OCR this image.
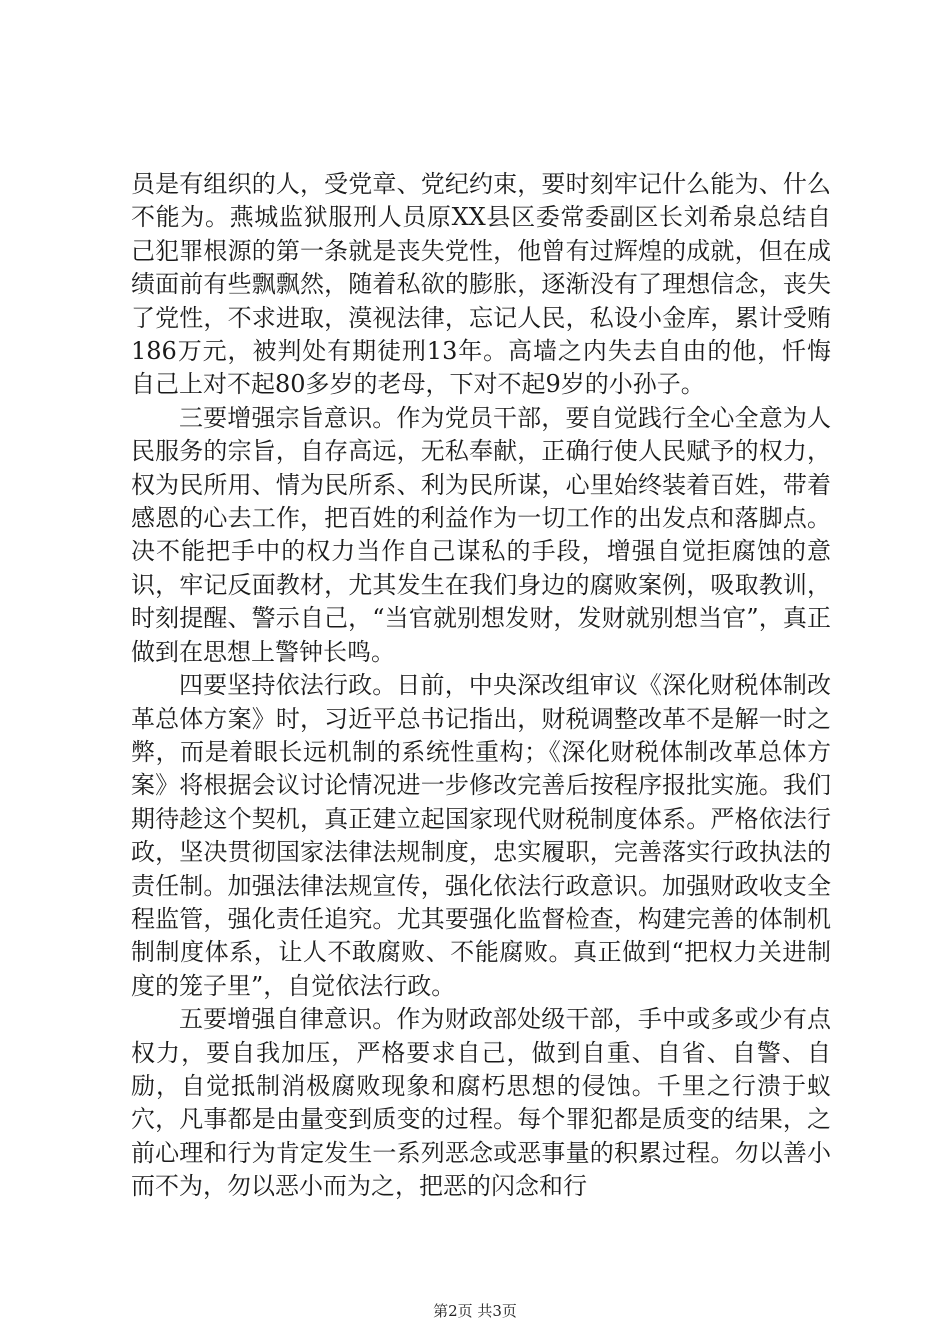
员是有组织的人，受党章、党纪约束，要时刻牢记什么能为、什么不能为。燕城监狱服刑人员原XX县区委常委副区长刘希泉总结自己犯罪根源的第一条就是丧失党性，他曾有过辉煌的成就，但在成绩面前有些飘飘然，随着私欲的膨胀，逐渐没有了理想信念，丧失了党性，不求进取，漠视法律，忘记人民，私设小金库，累计受贿186万元，被判处有期徒刑13年。高墙之内失去自由的他，忏悔自己上对不起80多岁的老母，下对不起9岁的小孙子。

三要增强宗旨意识。作为党员干部，要自觉践行全心全意为人民服务的宗旨，自存高远，无私奉献，正确行使人民赋予的权力，权为民所用、情为民所系、利为民所谋，心里始终装着百姓，带着感恩的心去工作，把百姓的利益作为一切工作的出发点和落脚点。决不能把手中的权力当作自己谋私的手段，增强自觉拒腐蚀的意识，牢记反面教材，尤其发生在我们身边的腐败案例，吸取教训，时刻提醒、警示自己，“当官就别想发财，发财就别想当官”，真正做到在思想上警钟长鸣。

四要坚持依法行政。日前，中央深改组审议《深化财税体制改革总体方案》时，习近平总书记指出，财税调整改革不是解一时之弊，而是着眼长远机制的系统性重构；《深化财税体制改革总体方案》将根据会议讨论情况进一步修改完善后按程序报批实施。我们期待趁这个契机，真正建立起国家现代财税制度体系。严格依法行政，坚决贯彻国家法律法规制度，忠实履职，完善落实行政执法的责任制。加强法律法规宣传，强化依法行政意识。加强财政收支全程监管，强化责任追究。尤其要强化监督检查，构建完善的体制机制制度体系，让人不敢腐败、不能腐败。真正做到“把权力关进制度的笼子里”，自觉依法行政。

五要增强自律意识。作为财政部处级干部，手中或多或少有点权力，要自我加压，严格要求自己，做到自重、自省、自警、自励，自觉抵制消极腐败现象和腐朽思想的侵蚀。千里之行溃于蚁穴，凡事都是由量变到质变的过程。每个罪犯都是质变的结果，之前心理和行为肯定发生一系列恶念或恶事量的积累过程。勿以善小而不为，勿以恶小而为之，把恶的闪念和行

第2页 共3页
